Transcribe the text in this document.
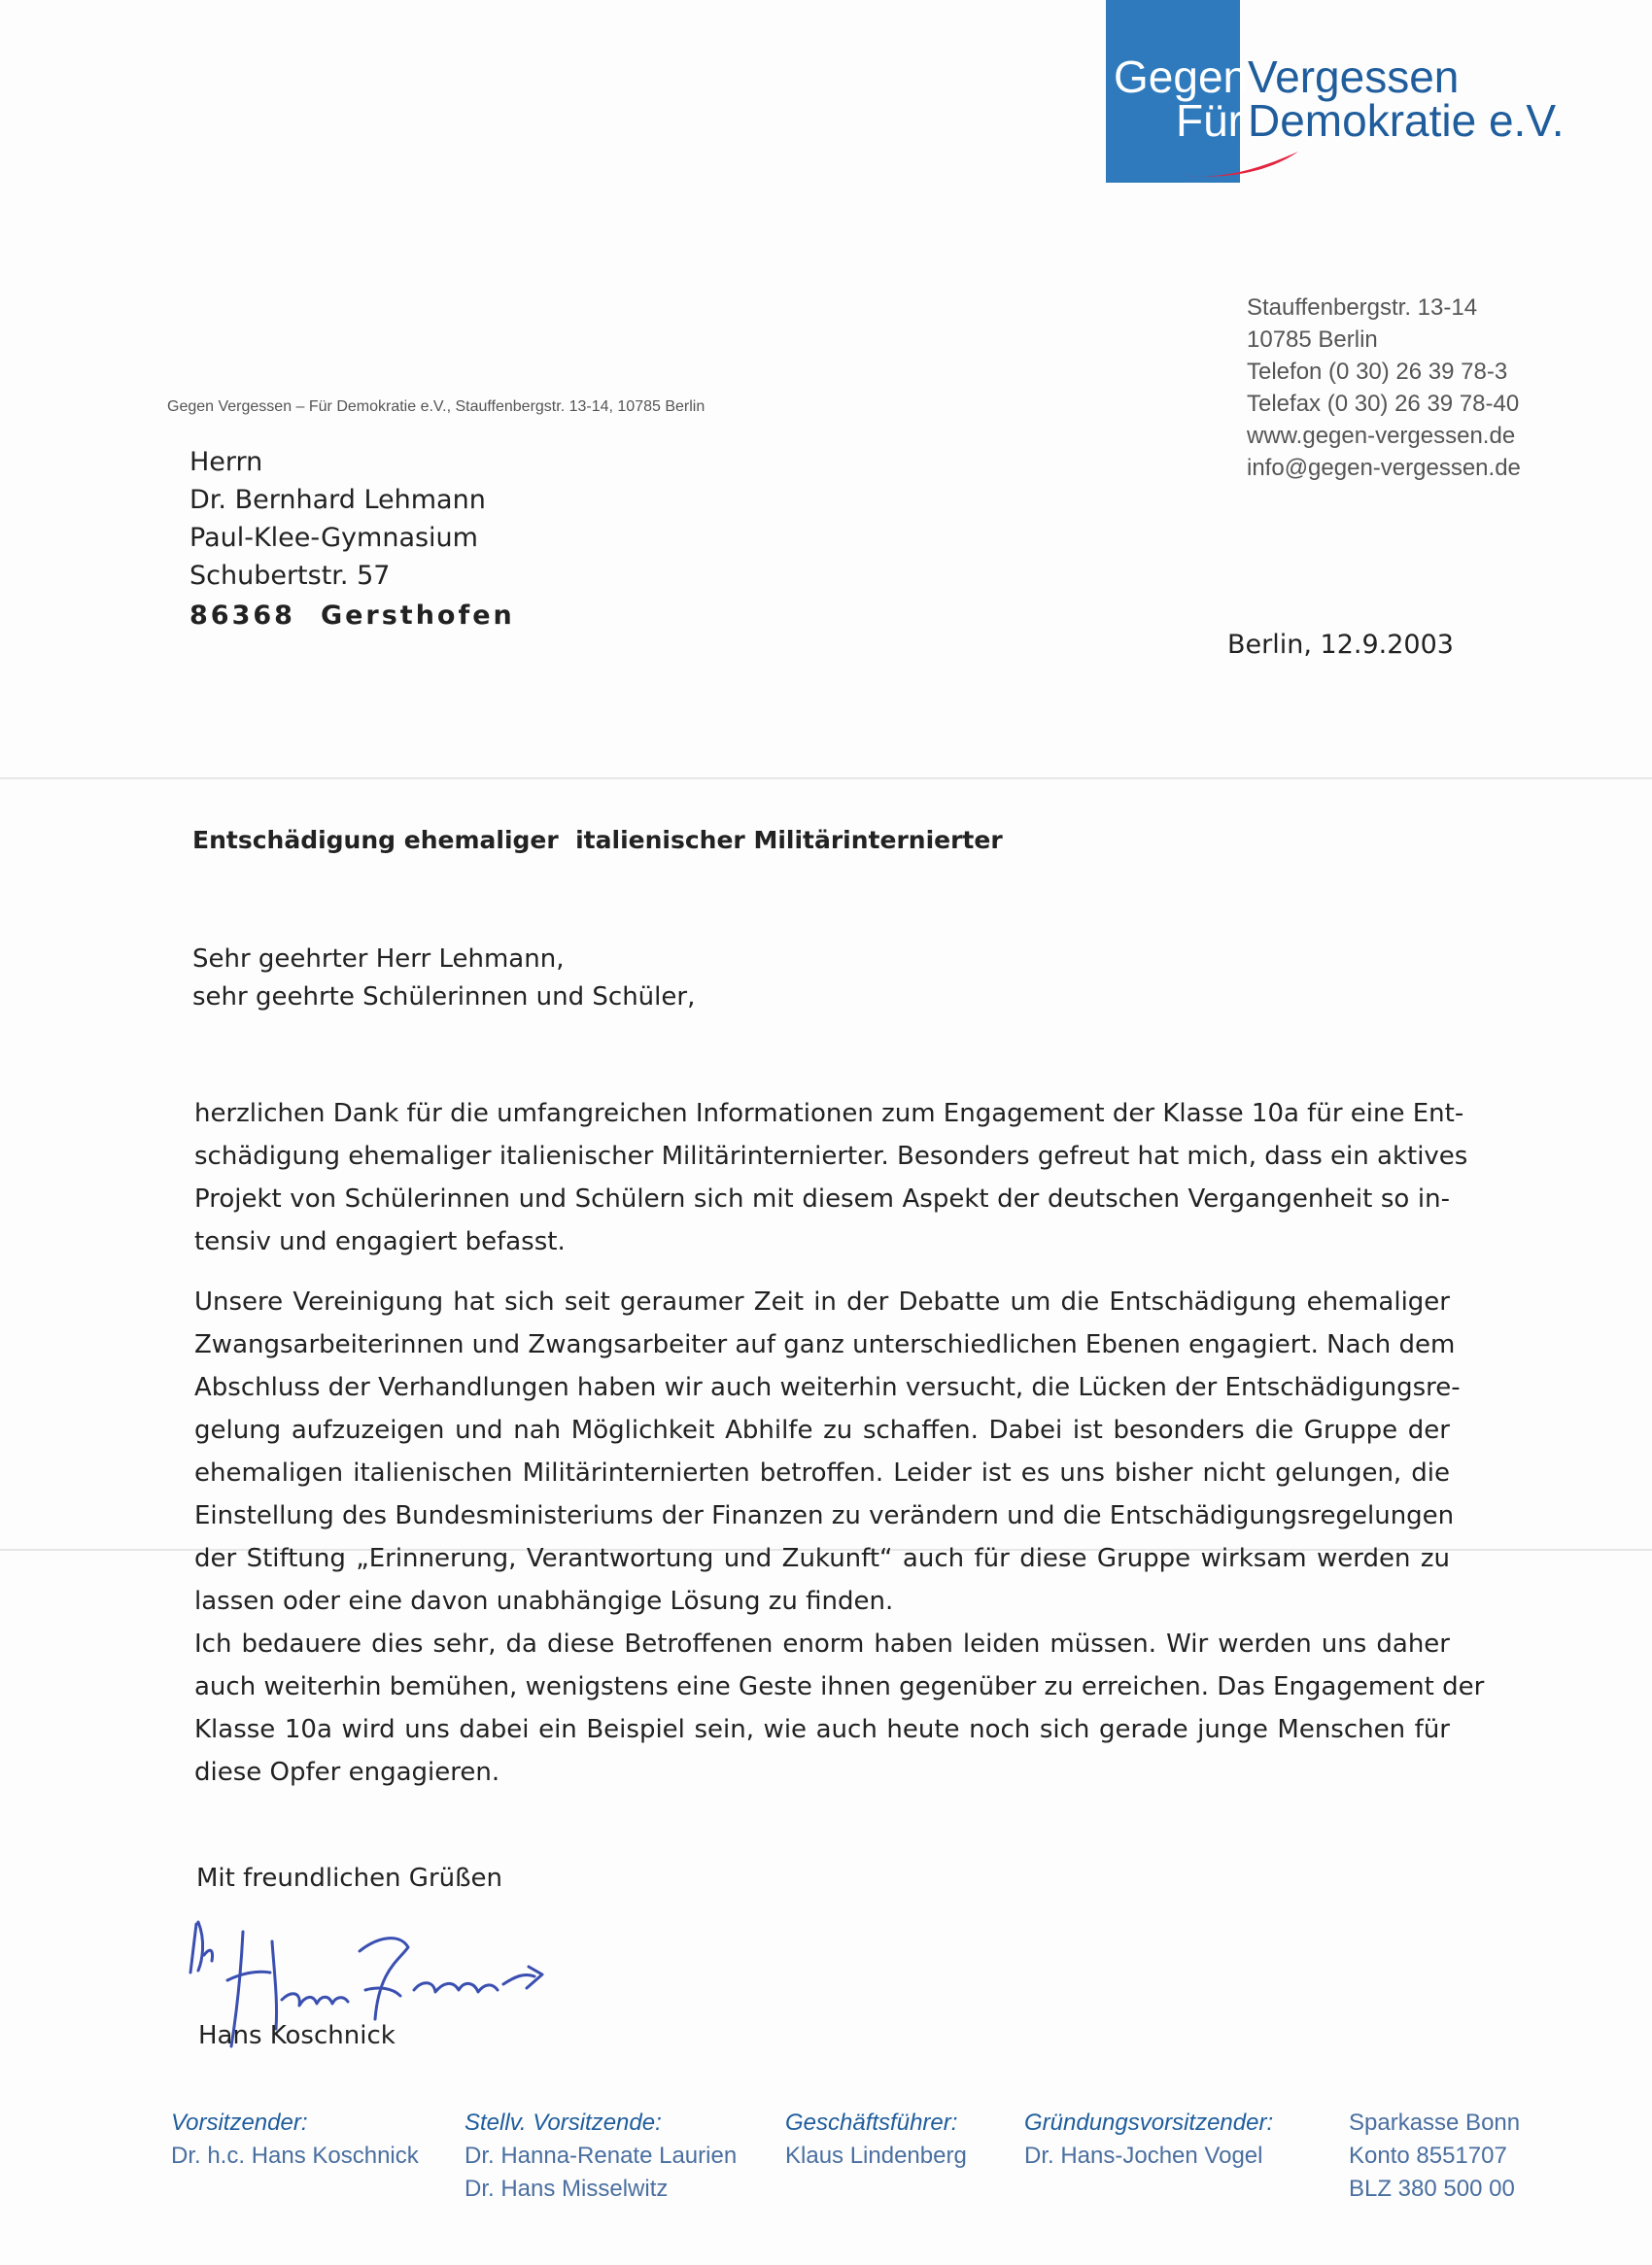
Gegen Vergessen
Für Demokratie e.V.
Gegen Vergessen – Für Demokratie e.V., Stauffenbergstr. 13-14, 10785 Berlin
Stauffenbergstr. 13-14
10785 Berlin
Telefon (0 30) 26 39 78-3
Telefax (0 30) 26 39 78-40
www.gegen-vergessen.de
info@gegen-vergessen.de
Herrn
Dr. Bernhard Lehmann
Paul-Klee-Gymnasium
Schubertstr. 57
86368 Gersthofen
Berlin, 12.9.2003
Entschädigung ehemaliger  italienischer Militärinternierter
Sehr geehrter Herr Lehmann,
sehr geehrte Schülerinnen und Schüler,
herzlichen Dank für die umfangreichen Informationen zum Engagement der Klasse 10a für eine Ent-
schädigung ehemaliger italienischer Militärinternierter. Besonders gefreut hat mich, dass ein aktives
Projekt von Schülerinnen und Schülern sich mit diesem Aspekt der deutschen Vergangenheit so in-
tensiv und engagiert befasst.
Unsere Vereinigung hat sich seit geraumer Zeit in der Debatte um die Entschädigung ehemaliger
Zwangsarbeiterinnen und Zwangsarbeiter auf ganz unterschiedlichen Ebenen engagiert. Nach dem
Abschluss der Verhandlungen haben wir auch weiterhin versucht, die Lücken der Entschädigungsre-
gelung aufzuzeigen und nah Möglichkeit Abhilfe zu schaffen. Dabei ist besonders die Gruppe der
ehemaligen italienischen Militärinternierten betroffen. Leider ist es uns bisher nicht gelungen, die
Einstellung des Bundesministeriums der Finanzen zu verändern und die Entschädigungsregelungen
der Stiftung „Erinnerung, Verantwortung und Zukunft“ auch für diese Gruppe wirksam werden zu
lassen oder eine davon unabhängige Lösung zu finden.
Ich bedauere dies sehr, da diese Betroffenen enorm haben leiden müssen. Wir werden uns daher
auch weiterhin bemühen, wenigstens eine Geste ihnen gegenüber zu erreichen. Das Engagement der
Klasse 10a wird uns dabei ein Beispiel sein, wie auch heute noch sich gerade junge Menschen für
diese Opfer engagieren.
Mit freundlichen Grüßen
Hans Koschnick
Vorsitzender:
Dr. h.c. Hans Koschnick
Stellv. Vorsitzende:
Dr. Hanna-Renate Laurien
Dr. Hans Misselwitz
Geschäftsführer:
Klaus Lindenberg
Gründungsvorsitzender:
Dr. Hans-Jochen Vogel
Sparkasse Bonn
Konto 8551707
BLZ 380 500 00
